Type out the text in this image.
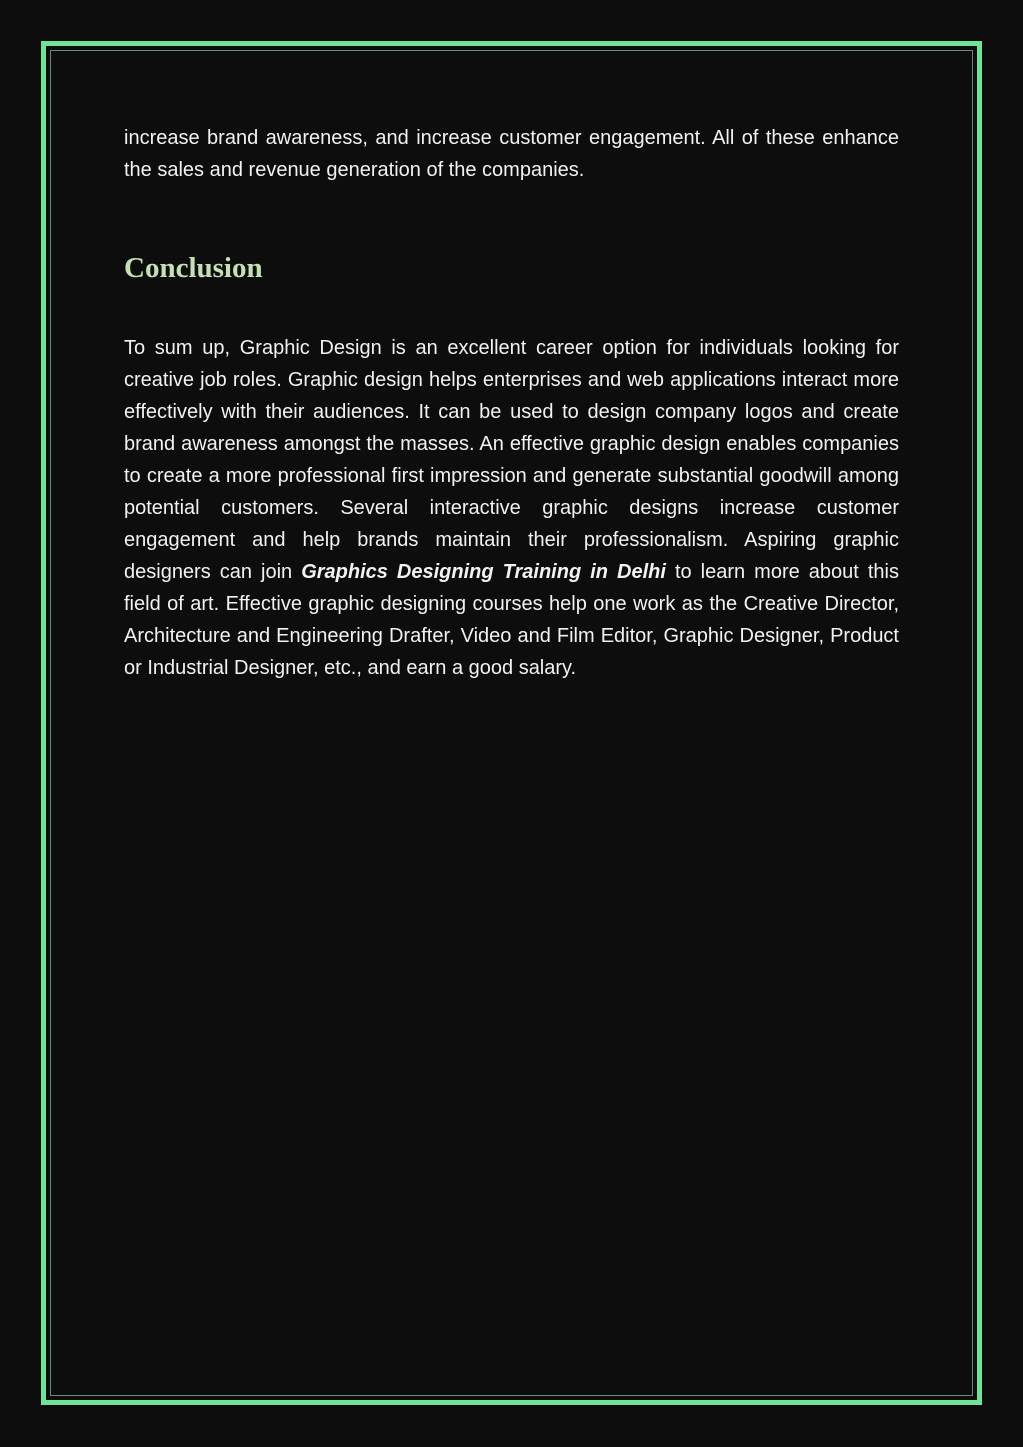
increase brand awareness, and increase customer engagement. All of these enhance the sales and revenue generation of the companies.

Conclusion

To sum up, Graphic Design is an excellent career option for individuals looking for creative job roles. Graphic design helps enterprises and web applications interact more effectively with their audiences. It can be used to design company logos and create brand awareness amongst the masses. An effective graphic design enables companies to create a more professional first impression and generate substantial goodwill among potential customers. Several interactive graphic designs increase customer engagement and help brands maintain their professionalism. Aspiring graphic designers can join Graphics Designing Training in Delhi to learn more about this field of art. Effective graphic designing courses help one work as the Creative Director, Architecture and Engineering Drafter, Video and Film Editor, Graphic Designer, Product or Industrial Designer, etc., and earn a good salary.
